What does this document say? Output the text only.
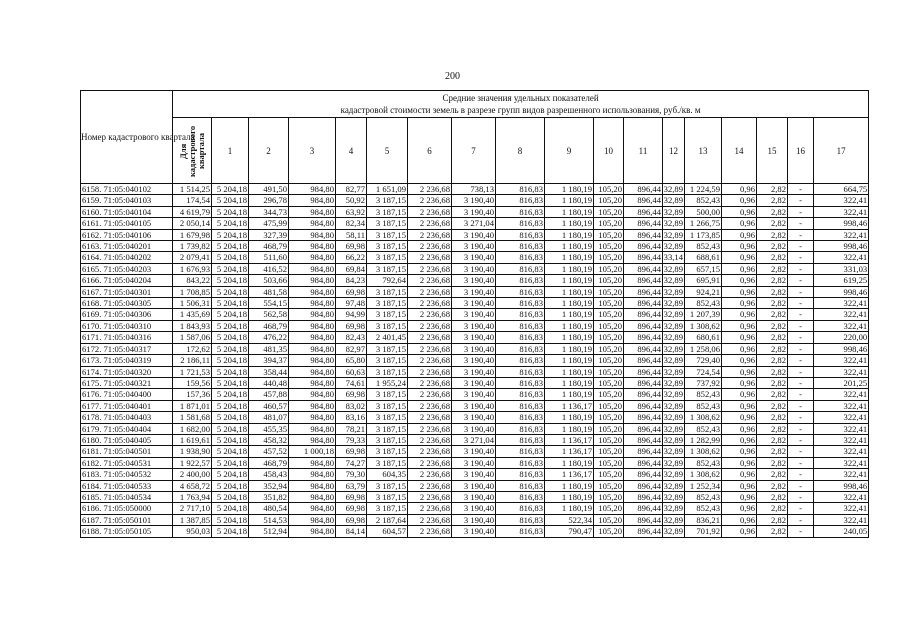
200
Номер кадастрового квартала	Средние значения удельных показателей
кадастровой стоимости земель в разрезе групп видов разрешенного использования, руб./кв. м																	

	Для кадастрового квартала	1	2	3	4	5	6	7	8	9	10	11	12	13	14	15	16	17
6158. 71:05:040102	1 514,25	5 204,18	491,50	984,80	82,77	1 651,09	2 236,68	738,13	816,83	1 180,19	105,20	896,44	32,89	1 224,59	0,96	2,82	-	664,75
6159. 71:05:040103	174,54	5 204,18	296,78	984,80	50,92	3 187,15	2 236,68	3 190,40	816,83	1 180,19	105,20	896,44	32,89	852,43	0,96	2,82	-	322,41
6160. 71:05:040104	4 619,79	5 204,18	344,73	984,80	63,92	3 187,15	2 236,68	3 190,40	816,83	1 180,19	105,20	896,44	32,89	500,00	0,96	2,82	-	322,41
6161. 71:05:040105	2 050,14	5 204,18	475,99	984,80	82,34	3 187,15	2 236,68	3 271,04	816,83	1 180,19	105,20	896,44	32,89	1 266,75	0,96	2,82	-	998,46
6162. 71:05:040106	1 679,98	5 204,18	327,39	984,80	58,11	3 187,15	2 236,68	3 190,40	816,83	1 180,19	105,20	896,44	32,89	1 173,85	0,96	2,82	-	322,41
6163. 71:05:040201	1 739,82	5 204,18	468,79	984,80	69,98	3 187,15	2 236,68	3 190,40	816,83	1 180,19	105,20	896,44	32,89	852,43	0,96	2,82	-	998,46
6164. 71:05:040202	2 079,41	5 204,18	511,60	984,80	66,22	3 187,15	2 236,68	3 190,40	816,83	1 180,19	105,20	896,44	33,14	688,61	0,96	2,82	-	322,41
6165. 71:05:040203	1 676,93	5 204,18	416,52	984,80	69,84	3 187,15	2 236,68	3 190,40	816,83	1 180,19	105,20	896,44	32,89	657,15	0,96	2,82	-	331,03
6166. 71:05:040204	843,22	5 204,18	503,66	984,80	84,23	792,64	2 236,68	3 190,40	816,83	1 180,19	105,20	896,44	32,89	695,91	0,96	2,82	-	619,25
6167. 71:05:040301	1 708,85	5 204,18	481,58	984,80	69,98	3 187,15	2 236,68	3 190,40	816,83	1 180,19	105,20	896,44	32,89	924,21	0,96	2,82	-	998,46
6168. 71:05:040305	1 506,31	5 204,18	554,15	984,80	97,48	3 187,15	2 236,68	3 190,40	816,83	1 180,19	105,20	896,44	32,89	852,43	0,96	2,82	-	322,41
6169. 71:05:040306	1 435,69	5 204,18	562,58	984,80	94,99	3 187,15	2 236,68	3 190,40	816,83	1 180,19	105,20	896,44	32,89	1 207,39	0,96	2,82	-	322,41
6170. 71:05:040310	1 843,93	5 204,18	468,79	984,80	69,98	3 187,15	2 236,68	3 190,40	816,83	1 180,19	105,20	896,44	32,89	1 308,62	0,96	2,82	-	322,41
6171. 71:05:040316	1 587,06	5 204,18	476,22	984,80	82,43	2 401,45	2 236,68	3 190,40	816,83	1 180,19	105,20	896,44	32,89	680,61	0,96	2,82	-	220,00
6172. 71:05:040317	172,62	5 204,18	481,35	984,80	82,97	3 187,15	2 236,68	3 190,40	816,83	1 180,19	105,20	896,44	32,89	1 258,06	0,96	2,82	-	998,46
6173. 71:05:040319	2 186,11	5 204,18	394,37	984,80	65,80	3 187,15	2 236,68	3 190,40	816,83	1 180,19	105,20	896,44	32,89	729,40	0,96	2,82	-	322,41
6174. 71:05:040320	1 721,53	5 204,18	358,44	984,80	60,63	3 187,15	2 236,68	3 190,40	816,83	1 180,19	105,20	896,44	32,89	724,54	0,96	2,82	-	322,41
6175. 71:05:040321	159,56	5 204,18	440,48	984,80	74,61	1 955,24	2 236,68	3 190,40	816,83	1 180,19	105,20	896,44	32,89	737,92	0,96	2,82	-	201,25
6176. 71:05:040400	157,36	5 204,18	457,88	984,80	69,98	3 187,15	2 236,68	3 190,40	816,83	1 180,19	105,20	896,44	32,89	852,43	0,96	2,82	-	322,41
6177. 71:05:040401	1 871,01	5 204,18	460,57	984,80	83,02	3 187,15	2 236,68	3 190,40	816,83	1 136,17	105,20	896,44	32,89	852,43	0,96	2,82	-	322,41
6178. 71:05:040403	1 581,68	5 204,18	481,07	984,80	83,16	3 187,15	2 236,68	3 190,40	816,83	1 180,19	105,20	896,44	32,89	1 308,62	0,96	2,82	-	322,41
6179. 71:05:040404	1 682,00	5 204,18	455,35	984,80	78,21	3 187,15	2 236,68	3 190,40	816,83	1 180,19	105,20	896,44	32,89	852,43	0,96	2,82	-	322,41
6180. 71:05:040405	1 619,61	5 204,18	458,32	984,80	79,33	3 187,15	2 236,68	3 271,04	816,83	1 136,17	105,20	896,44	32,89	1 282,99	0,96	2,82	-	322,41
6181. 71:05:040501	1 938,90	5 204,18	457,52	1 000,18	69,98	3 187,15	2 236,68	3 190,40	816,83	1 136,17	105,20	896,44	32,89	1 308,62	0,96	2,82	-	322,41
6182. 71:05:040531	1 922,57	5 204,18	468,79	984,80	74,27	3 187,15	2 236,68	3 190,40	816,83	1 180,19	105,20	896,44	32,89	852,43	0,96	2,82	-	322,41
6183. 71:05:040532	2 400,00	5 204,18	458,43	984,80	79,30	604,35	2 236,68	3 190,40	816,83	1 136,17	105,20	896,44	32,89	1 308,62	0,96	2,82	-	322,41
6184. 71:05:040533	4 658,72	5 204,18	352,94	984,80	63,79	3 187,15	2 236,68	3 190,40	816,83	1 180,19	105,20	896,44	32,89	1 252,34	0,96	2,82	-	998,46
6185. 71:05:040534	1 763,94	5 204,18	351,82	984,80	69,98	3 187,15	2 236,68	3 190,40	816,83	1 180,19	105,20	896,44	32,89	852,43	0,96	2,82	-	322,41
6186. 71:05:050000	2 717,10	5 204,18	480,54	984,80	69,98	3 187,15	2 236,68	3 190,40	816,83	1 180,19	105,20	896,44	32,89	852,43	0,96	2,82	-	322,41
6187. 71:05:050101	1 387,85	5 204,18	514,53	984,80	69,98	2 187,64	2 236,68	3 190,40	816,83	522,34	105,20	896,44	32,89	836,21	0,96	2,82	-	322,41
6188. 71:05:050105	950,03	5 204,18	512,94	984,80	84,14	604,57	2 236,68	3 190,40	816,83	790,47	105,20	896,44	32,89	701,92	0,96	2,82	-	240,05
